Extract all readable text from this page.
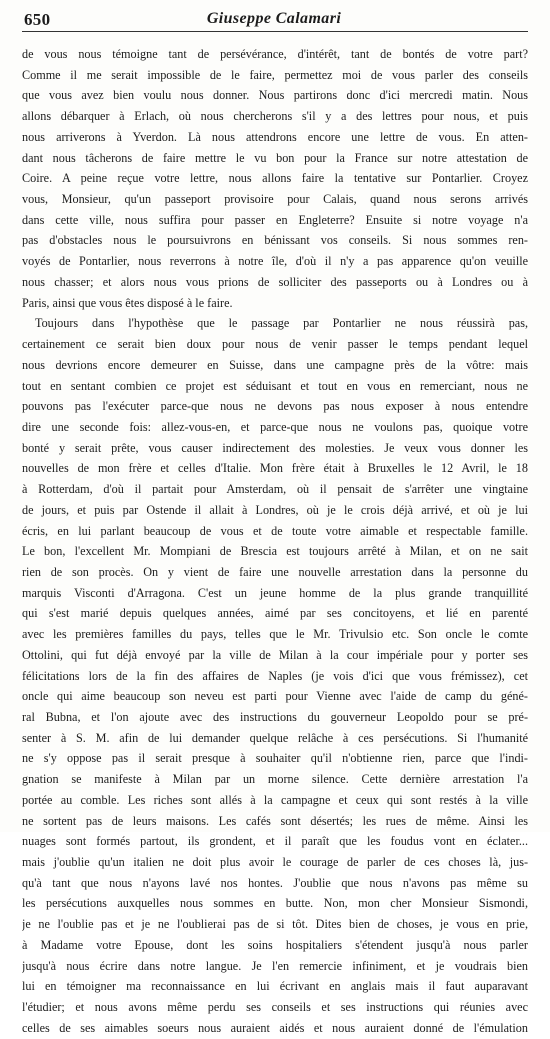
650	Giuseppe Calamari
de vous nous témoigne tant de persévérance, d'intérêt, tant de bontés de votre part?
Comme il me serait impossible de le faire, permettez moi de vous parler des conseils
que vous avez bien voulu nous donner. Nous partirons donc d'ici mercredi matin. Nous
allons débarquer à Erlach, où nous chercherons s'il y a des lettres pour nous, et puis
nous arriverons à Yverdon. Là nous attendrons encore une lettre de vous. En atten-
dant nous tâcherons de faire mettre le vu bon pour la France sur notre attestation de
Coire. A peine reçue votre lettre, nous allons faire la tentative sur Pontarlier. Croyez
vous, Monsieur, qu'un passeport provisoire pour Calais, quand nous serons arrivés
dans cette ville, nous suffira pour passer en Engleterre? Ensuite si notre voyage n'a
pas d'obstacles nous le poursuivrons en bénissant vos conseils. Si nous sommes ren-
voyés de Pontarlier, nous reverrons à notre île, d'où il n'y a pas apparence qu'on veuille
nous chasser; et alors nous vous prions de solliciter des passeports ou à Londres ou à
Paris, ainsi que vous êtes disposé à le faire.
Toujours dans l'hypothèse que le passage par Pontarlier ne nous réussirà pas,
certainement ce serait bien doux pour nous de venir passer le temps pendant lequel
nous devrions encore demeurer en Suisse, dans une campagne près de la vôtre: mais
tout en sentant combien ce projet est séduisant et tout en vous en remerciant, nous ne
pouvons pas l'exécuter parce-que nous ne devons pas nous exposer à nous entendre
dire une seconde fois: allez-vous-en, et parce-que nous ne voulons pas, quoique votre
bonté y serait prête, vous causer indirectement des molesties. Je veux vous donner les
nouvelles de mon frère et celles d'Italie. Mon frère était à Bruxelles le 12 Avril, le 18
à Rotterdam, d'où il partait pour Amsterdam, où il pensait de s'arrêter une vingtaine
de jours, et puis par Ostende il allait à Londres, où je le crois déjà arrivé, et où je lui
écris, en lui parlant beaucoup de vous et de toute votre aimable et respectable famille.
Le bon, l'excellent Mr. Mompiani de Brescia est toujours arrêté à Milan, et on ne sait
rien de son procès. On y vient de faire une nouvelle arrestation dans la personne du
marquis Visconti d'Arragona. C'est un jeune homme de la plus grande tranquillité
qui s'est marié depuis quelques années, aimé par ses concitoyens, et lié en parenté
avec les premières familles du pays, telles que le Mr. Trivulsio etc. Son oncle le comte
Ottolini, qui fut déjà envoyé par la ville de Milan à la cour impériale pour y porter ses
félicitations lors de la fin des affaires de Naples (je vois d'ici que vous frémissez), cet
oncle qui aime beaucoup son neveu est parti pour Vienne avec l'aide de camp du géné-
ral Bubna, et l'on ajoute avec des instructions du gouverneur Leopoldo pour se pré-
senter à S. M. afin de lui demander quelque relâche à ces persécutions. Si l'humanité
ne s'y oppose pas il serait presque à souhaiter qu'il n'obtienne rien, parce que l'indi-
gnation se manifeste à Milan par un morne silence. Cette dernière arrestation l'a
portée au comble. Les riches sont allés à la campagne et ceux qui sont restés à la ville
ne sortent pas de leurs maisons. Les cafés sont désertés; les rues de même. Ainsi les
nuages sont formés partout, ils grondent, et il paraît que les foudus vont en éclater...
mais j'oublie qu'un italien ne doit plus avoir le courage de parler de ces choses là, jus-
qu'à tant que nous n'ayons lavé nos hontes. J'oublie que nous n'avons pas même su
les persécutions auxquelles nous sommes en butte. Non, mon cher Monsieur Sismondi,
je ne l'oublie pas et je ne l'oublierai pas de si tôt. Dites bien de choses, je vous en prie,
à Madame votre Epouse, dont les soins hospitaliers s'étendent jusqu'à nous parler
jusqu'à nous écrire dans notre langue. Je l'en remercie infiniment, et je voudrais bien
lui en témoigner ma reconnaissance en lui écrivant en anglais mais il faut auparavant
l'étudier; et nous avons même perdu ses conseils et ses instructions qui réunies avec
celles de ses aimables soeurs nous auraient aidés et nous auraient donné de l'émulation
